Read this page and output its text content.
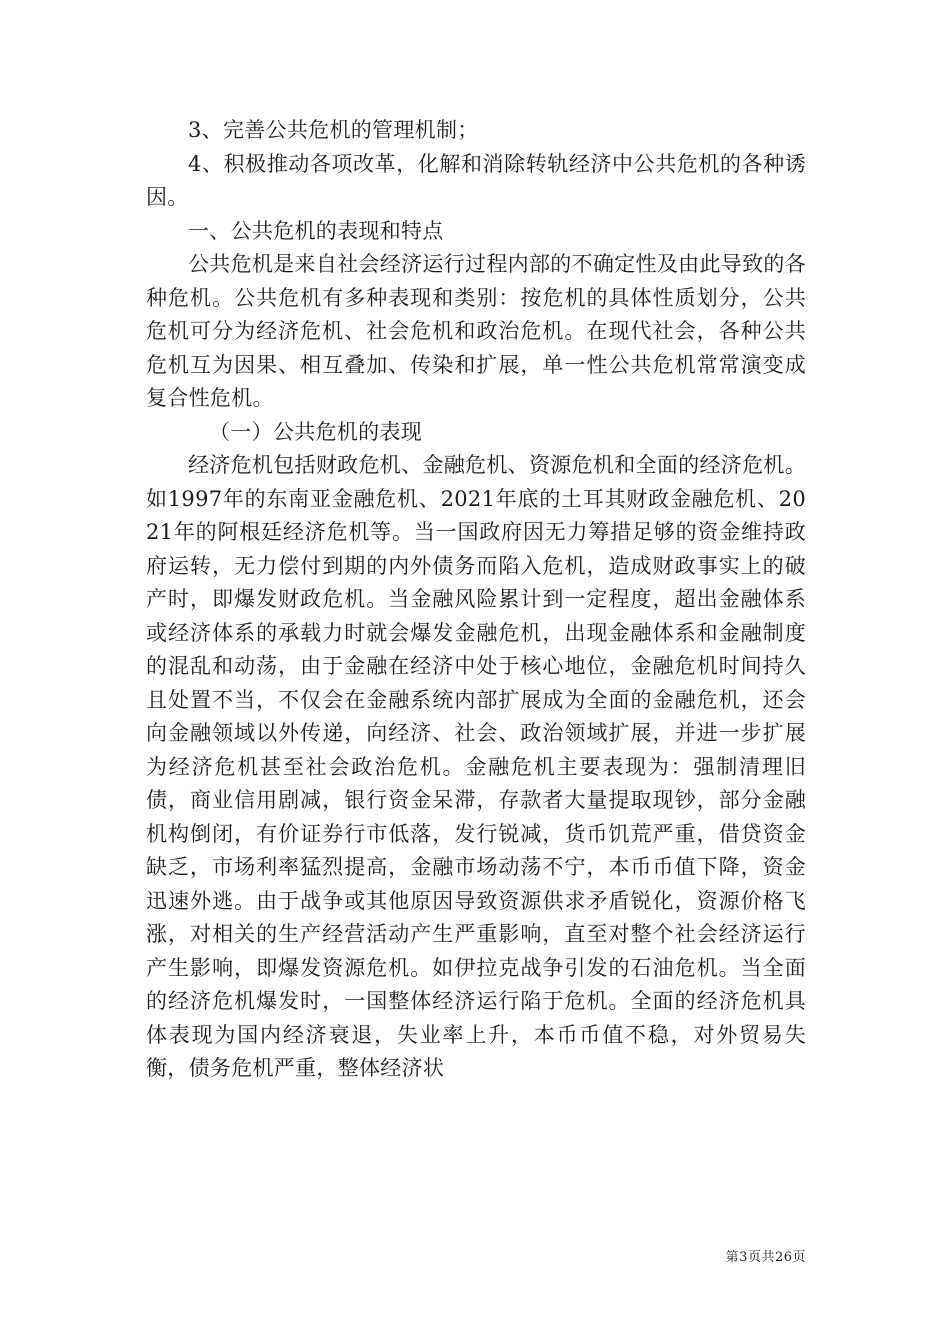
3、完善公共危机的管理机制；

4、积极推动各项改革，化解和消除转轨经济中公共危机的各种诱因。

一、公共危机的表现和特点

公共危机是来自社会经济运行过程内部的不确定性及由此导致的各种危机。公共危机有多种表现和类别：按危机的具体性质划分，公共危机可分为经济危机、社会危机和政治危机。在现代社会，各种公共危机互为因果、相互叠加、传染和扩展，单一性公共危机常常演变成复合性危机。

（一）公共危机的表现

经济危机包括财政危机、金融危机、资源危机和全面的经济危机。如1997年的东南亚金融危机、2021年底的土耳其财政金融危机、2021年的阿根廷经济危机等。当一国政府因无力筹措足够的资金维持政府运转，无力偿付到期的内外债务而陷入危机，造成财政事实上的破产时，即爆发财政危机。当金融风险累计到一定程度，超出金融体系或经济体系的承载力时就会爆发金融危机，出现金融体系和金融制度的混乱和动荡，由于金融在经济中处于核心地位，金融危机时间持久且处置不当，不仅会在金融系统内部扩展成为全面的金融危机，还会向金融领域以外传递，向经济、社会、政治领域扩展，并进一步扩展为经济危机甚至社会政治危机。金融危机主要表现为：强制清理旧债，商业信用剧减，银行资金呆滞，存款者大量提取现钞，部分金融机构倒闭，有价证券行市低落，发行锐减，货币饥荒严重，借贷资金缺乏，市场利率猛烈提高，金融市场动荡不宁，本币币值下降，资金迅速外逃。由于战争或其他原因导致资源供求矛盾锐化，资源价格飞涨，对相关的生产经营活动产生严重影响，直至对整个社会经济运行产生影响，即爆发资源危机。如伊拉克战争引发的石油危机。当全面的经济危机爆发时，一国整体经济运行陷于危机。全面的经济危机具体表现为国内经济衰退，失业率上升，本币币值不稳，对外贸易失衡，债务危机严重，整体经济状

第3页共26页
